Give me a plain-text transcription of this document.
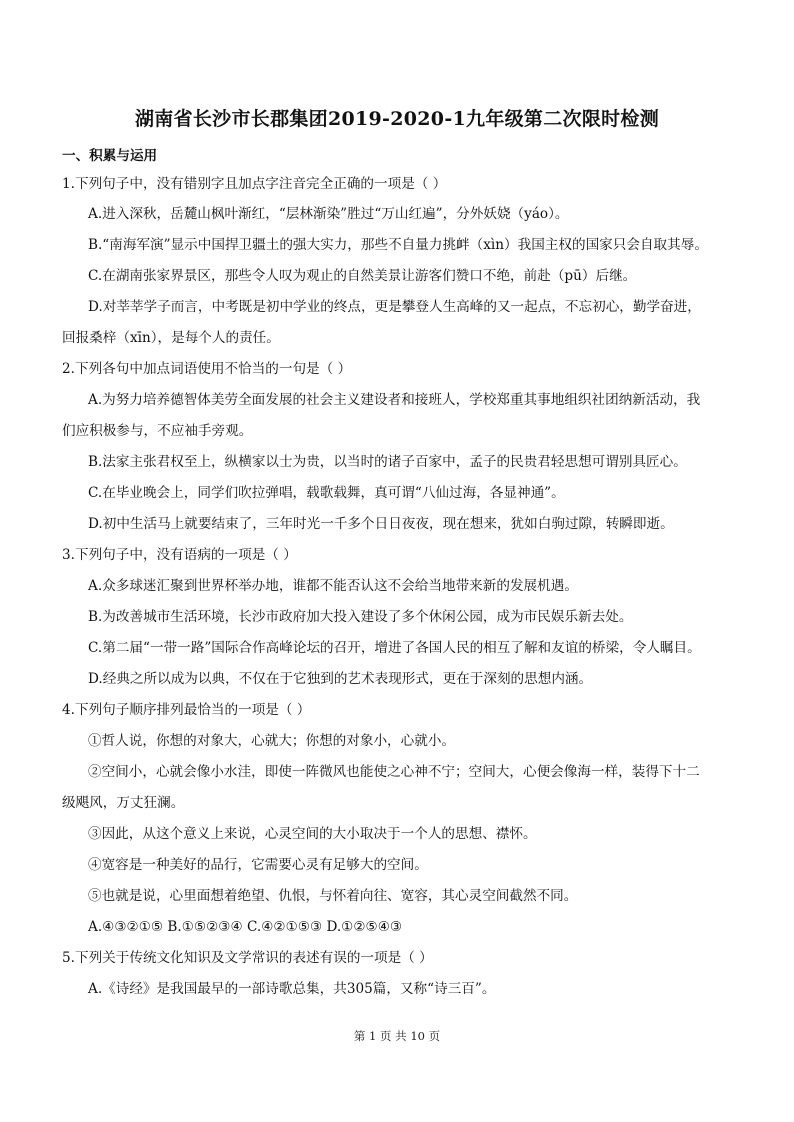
湖南省长沙市长郡集团2019-2020-1九年级第二次限时检测
一、积累与运用
1.下列句子中，没有错别字且加点字注音完全正确的一项是（ ）
A.进入深秋，岳麓山枫叶渐红，“层林渐染”胜过“万山红遍”，分外妖娆（yáo）。
B.“南海军演”显示中国捍卫疆土的强大实力，那些不自量力挑衅（xìn）我国主权的国家只会自取其辱。
C.在湖南张家界景区，那些令人叹为观止的自然美景让游客们赞口不绝，前赴（pū）后继。
D.对莘莘学子而言，中考既是初中学业的终点，更是攀登人生高峰的又一起点，不忘初心，勤学奋进，
回报桑梓（xīn），是每个人的责任。
2.下列各句中加点词语使用不恰当的一句是（ ）
A.为努力培养德智体美劳全面发展的社会主义建设者和接班人，学校郑重其事地组织社团纳新活动，我
们应积极参与，不应袖手旁观。
B.法家主张君权至上，纵横家以士为贵，以当时的诸子百家中，孟子的民贵君轻思想可谓别具匠心。
C.在毕业晚会上，同学们吹拉弹唱，载歌载舞，真可谓“八仙过海，各显神通”。
D.初中生活马上就要结束了，三年时光一千多个日日夜夜，现在想来，犹如白驹过隙，转瞬即逝。
3.下列句子中，没有语病的一项是（ ）
A.众多球迷汇聚到世界杯举办地，谁都不能否认这不会给当地带来新的发展机遇。
B.为改善城市生活环境，长沙市政府加大投入建设了多个休闲公园，成为市民娱乐新去处。
C.第二届“一带一路”国际合作高峰论坛的召开，增进了各国人民的相互了解和友谊的桥梁，令人瞩目。
D.经典之所以成为以典，不仅在于它独到的艺术表现形式，更在于深刻的思想内涵。
4.下列句子顺序排列最恰当的一项是（ ）
①哲人说，你想的对象大，心就大；你想的对象小，心就小。
②空间小，心就会像小水洼，即使一阵微风也能使之心神不宁；空间大，心便会像海一样，装得下十二
级飓风，万丈狂澜。
③因此，从这个意义上来说，心灵空间的大小取决于一个人的思想、襟怀。
④宽容是一种美好的品行，它需要心灵有足够大的空间。
⑤也就是说，心里面想着绝望、仇恨，与怀着向往、宽容，其心灵空间截然不同。
A.④③②①⑤ B.①⑤②③④ C.④②①⑤③ D.①②⑤④③
5.下列关于传统文化知识及文学常识的表述有误的一项是（ ）
A.《诗经》是我国最早的一部诗歌总集，共305篇，又称“诗三百”。
第 1 页 共 10 页
